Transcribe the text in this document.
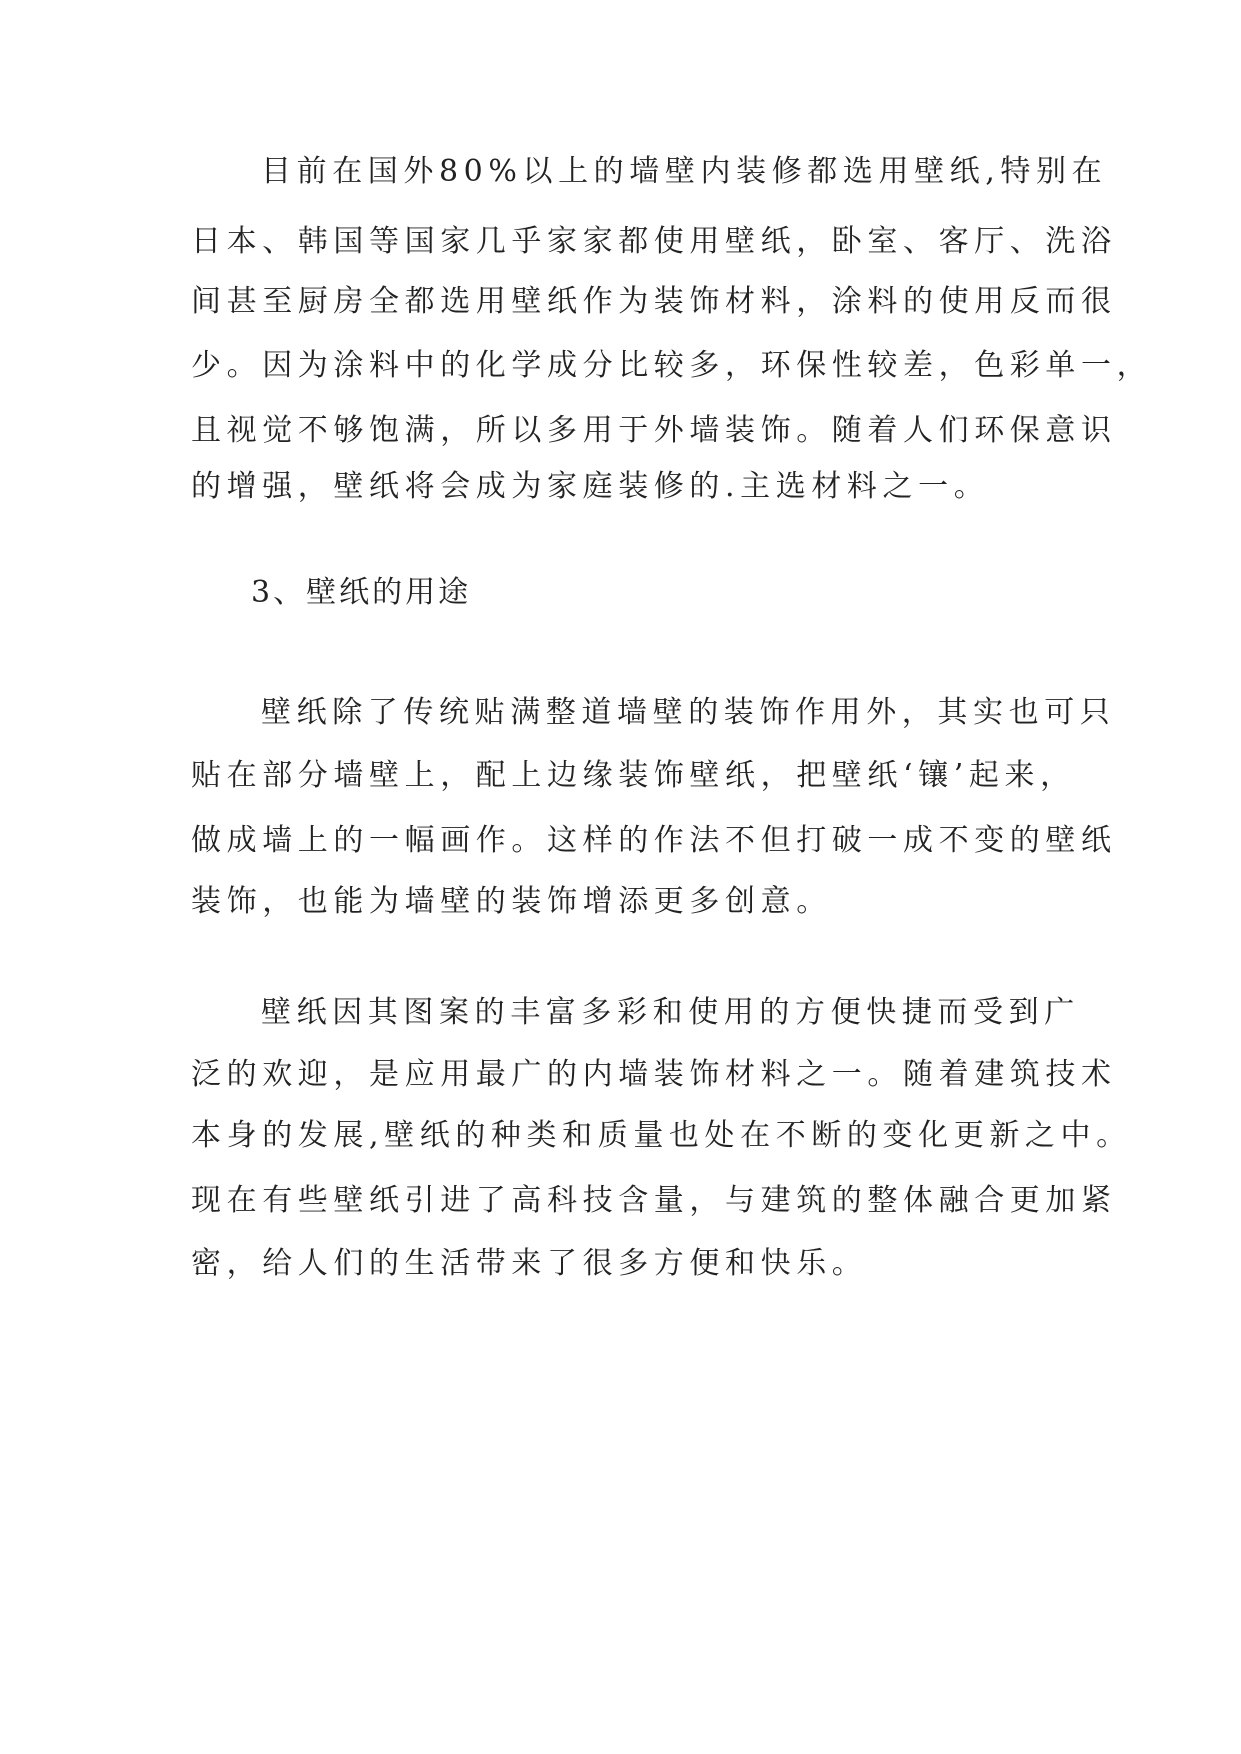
目前在国外80%以上的墙壁内装修都选用壁纸,特别在
日本、韩国等国家几乎家家都使用壁纸，卧室、客厅、洗浴
间甚至厨房全都选用壁纸作为装饰材料，涂料的使用反而很
少。因为涂料中的化学成分比较多，环保性较差，色彩单一，
且视觉不够饱满，所以多用于外墙装饰。随着人们环保意识
的增强，壁纸将会成为家庭装修的.主选材料之一。
3、壁纸的用途
壁纸除了传统贴满整道墙壁的装饰作用外，其实也可只
贴在部分墙壁上，配上边缘装饰壁纸，把壁纸‘镶’起来，
做成墙上的一幅画作。这样的作法不但打破一成不变的壁纸
装饰，也能为墙壁的装饰增添更多创意。
壁纸因其图案的丰富多彩和使用的方便快捷而受到广
泛的欢迎，是应用最广的内墙装饰材料之一。随着建筑技术
本身的发展,壁纸的种类和质量也处在不断的变化更新之中。
现在有些壁纸引进了高科技含量，与建筑的整体融合更加紧
密，给人们的生活带来了很多方便和快乐。
